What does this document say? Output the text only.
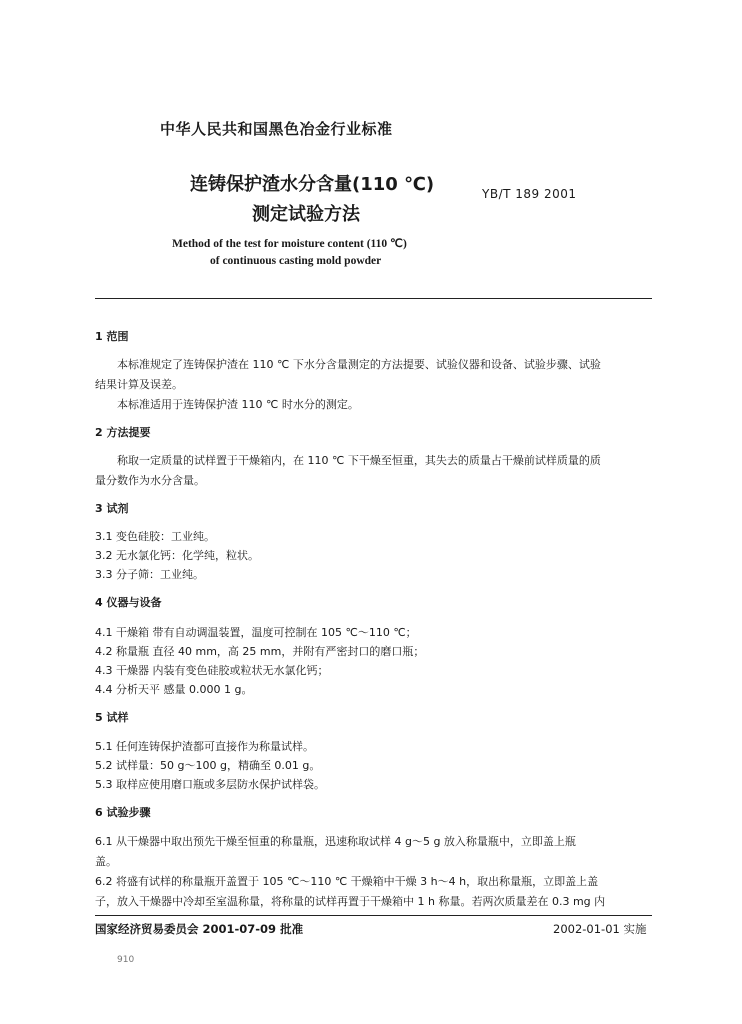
中华人民共和国黑色冶金行业标准
连铸保护渣水分含量(110 ℃)
测定试验方法
YB/T 189 2001
Method of the test for moisture content (110 ℃)
of continuous casting mold powder
1 范围
本标准规定了连铸保护渣在 110 ℃ 下水分含量测定的方法提要、试验仪器和设备、试验步骤、试验
结果计算及误差。
本标准适用于连铸保护渣 110 ℃ 时水分的测定。
2 方法提要
称取一定质量的试样置于干燥箱内，在 110 ℃ 下干燥至恒重，其失去的质量占干燥前试样质量的质
量分数作为水分含量。
3 试剂
3.1 变色硅胶：工业纯。
3.2 无水氯化钙：化学纯，粒状。
3.3 分子筛：工业纯。
4 仪器与设备
4.1 干燥箱 带有自动调温装置，温度可控制在 105 ℃～110 ℃；
4.2 称量瓶 直径 40 mm，高 25 mm，并附有严密封口的磨口瓶；
4.3 干燥器 内装有变色硅胶或粒状无水氯化钙；
4.4 分析天平 感量 0.000 1 g。
5 试样
5.1 任何连铸保护渣都可直接作为称量试样。
5.2 试样量：50 g～100 g，精确至 0.01 g。
5.3 取样应使用磨口瓶或多层防水保护试样袋。
6 试验步骤
6.1 从干燥器中取出预先干燥至恒重的称量瓶，迅速称取试样 4 g～5 g 放入称量瓶中，立即盖上瓶
盖。
6.2 将盛有试样的称量瓶开盖置于 105 ℃～110 ℃ 干燥箱中干燥 3 h～4 h，取出称量瓶，立即盖上盖
子，放入干燥器中冷却至室温称量，将称量的试样再置于干燥箱中 1 h 称量。若两次质量差在 0.3 mg 内
国家经济贸易委员会 2001-07-09 批准	2002-01-01 实施
910
